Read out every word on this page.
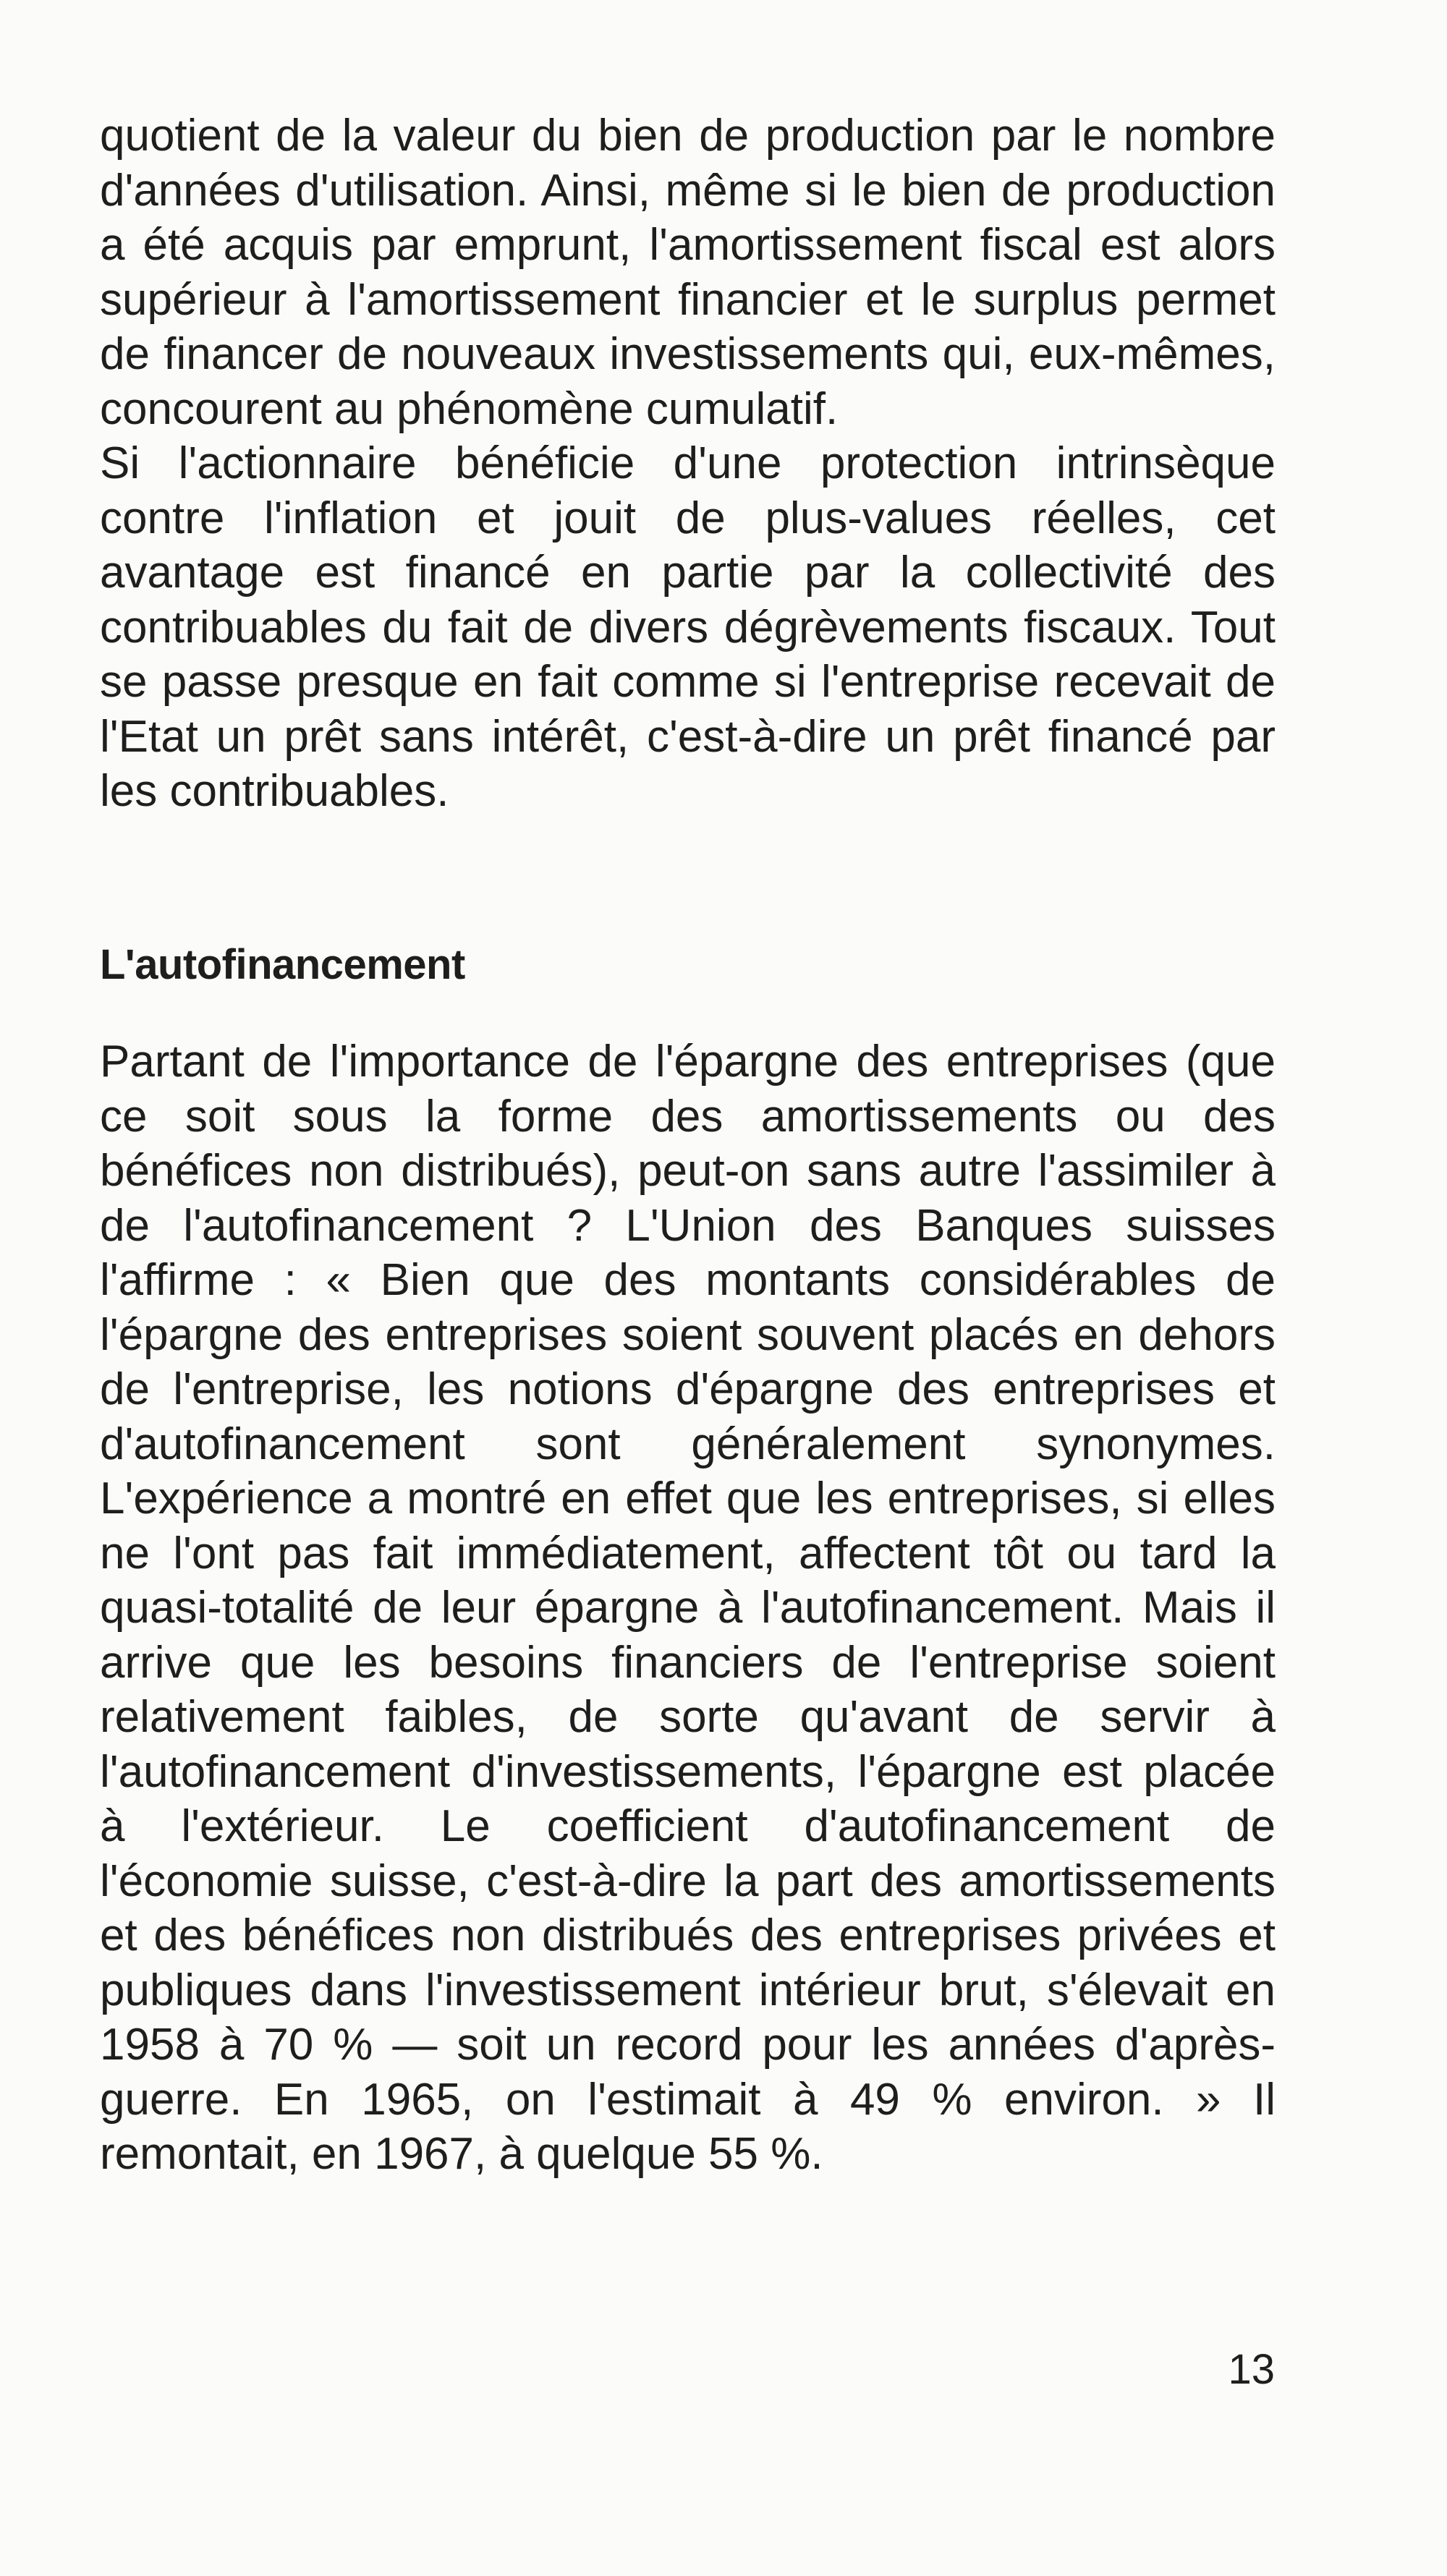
quotient de la valeur du bien de production par le nombre d'années d'utilisation. Ainsi, même si le bien de production a été acquis par emprunt, l'amortissement fiscal est alors supérieur à l'amortissement financier et le surplus permet de financer de nouveaux investissements qui, eux-mêmes, concourent au phénomène cumulatif.

Si l'actionnaire bénéficie d'une protection intrinsèque contre l'inflation et jouit de plus-values réelles, cet avantage est financé en partie par la collectivité des contribuables du fait de divers dégrèvements fiscaux. Tout se passe presque en fait comme si l'entreprise recevait de l'Etat un prêt sans intérêt, c'est-à-dire un prêt financé par les contribuables.

L'autofinancement

Partant de l'importance de l'épargne des entreprises (que ce soit sous la forme des amortissements ou des bénéfices non distribués), peut-on sans autre l'assimiler à de l'autofinancement ? L'Union des Banques suisses l'affirme : « Bien que des montants considérables de l'épargne des entreprises soient souvent placés en dehors de l'entreprise, les notions d'épargne des entreprises et d'autofinancement sont généralement synonymes. L'expérience a montré en effet que les entreprises, si elles ne l'ont pas fait immédiatement, affectent tôt ou tard la quasi-totalité de leur épargne à l'autofinancement. Mais il arrive que les besoins financiers de l'entreprise soient relativement faibles, de sorte qu'avant de servir à l'autofinancement d'investissements, l'épargne est placée à l'extérieur. Le coefficient d'autofinancement de l'économie suisse, c'est-à-dire la part des amortissements et des bénéfices non distribués des entreprises privées et publiques dans l'investissement intérieur brut, s'élevait en 1958 à 70 % — soit un record pour les années d'après-guerre. En 1965, on l'estimait à 49 % environ. » Il remontait, en 1967, à quelque 55 %.

13
